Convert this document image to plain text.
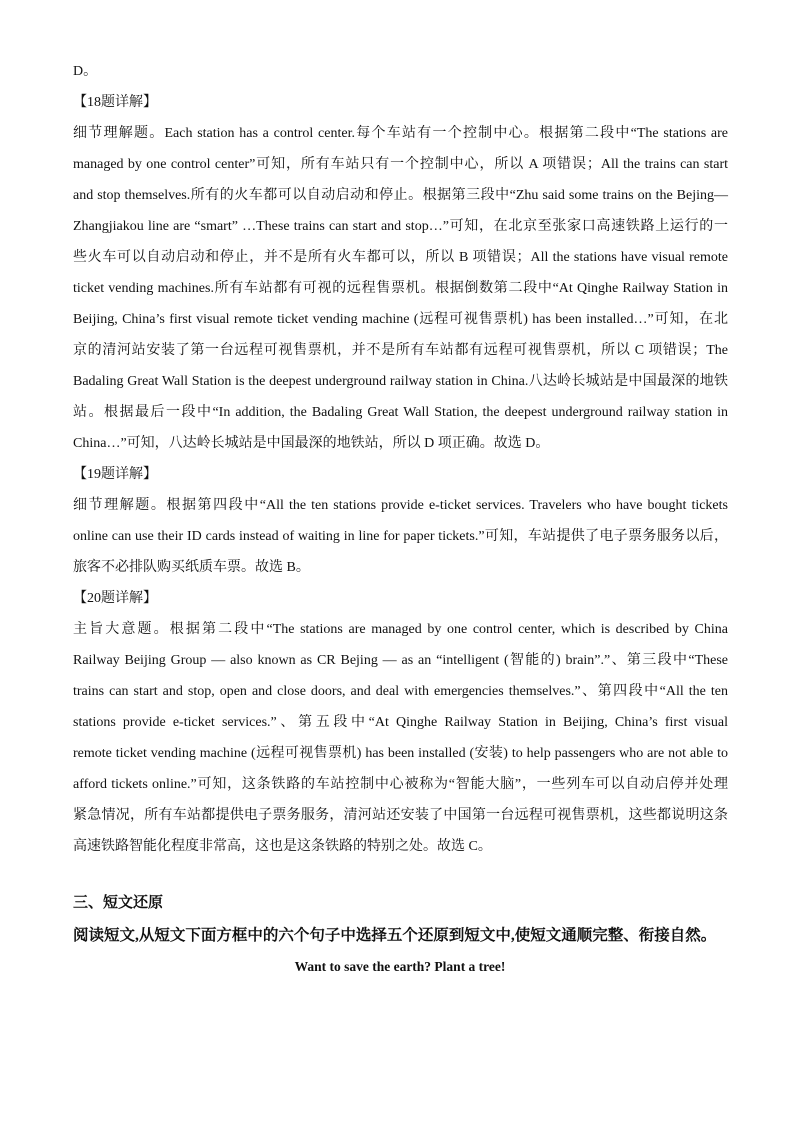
D。
【18题详解】
细节理解题。Each station has a control center.每个车站有一个控制中心。根据第二段中“The stations are
managed by one control center”可知，所有车站只有一个控制中心，所以 A 项错误；All the trains can start
and stop themselves.所有的火车都可以自动启动和停止。根据第三段中“Zhu said some trains on the Bejing—
Zhangjiakou line are “smart” …These trains can start and stop…”可知，在北京至张家口高速铁路上运行的一
些火车可以自动启动和停止，并不是所有火车都可以，所以 B 项错误；All the stations have visual remote
ticket vending machines.所有车站都有可视的远程售票机。根据倒数第二段中“At Qinghe Railway Station in
Beijing, China’s first visual remote ticket vending machine (远程可视售票机) has been installed…”可知，在北
京的清河站安装了第一台远程可视售票机，并不是所有车站都有远程可视售票机，所以 C 项错误；The
Badaling Great Wall Station is the deepest underground railway station in China.八达岭长城站是中国最深的地铁
站。根据最后一段中“In addition, the Badaling Great Wall Station, the deepest underground railway station in
China…”可知，八达岭长城站是中国最深的地铁站，所以 D 项正确。故选 D。
【19题详解】
细节理解题。根据第四段中“All the ten stations provide e-ticket services. Travelers who have bought tickets
online can use their ID cards instead of waiting in line for paper tickets.”可知，车站提供了电子票务服务以后，
旅客不必排队购买纸质车票。故选 B。
【20题详解】
主旨大意题。根据第二段中“The stations are managed by one control center, which is described by China
Railway Beijing Group — also known as CR Bejing — as an “intelligent (智能的) brain”.”、第三段中“These
trains can start and stop, open and close doors, and deal with emergencies themselves.”、第四段中“All the ten
stations provide e-ticket services.”、第五段中“At Qinghe Railway Station in Beijing, China’s first visual
remote ticket vending machine (远程可视售票机) has been installed (安装) to help passengers who are not able to
afford tickets online.”可知，这条铁路的车站控制中心被称为“智能大脑”，一些列车可以自动启停并处理
紧急情况，所有车站都提供电子票务服务，清河站还安装了中国第一台远程可视售票机，这些都说明这条
高速铁路智能化程度非常高，这也是这条铁路的特别之处。故选 C。
三、短文还原
阅读短文,从短文下面方框中的六个句子中选择五个还原到短文中,使短文通顺完整、衔接自然。
Want to save the earth? Plant a tree!
